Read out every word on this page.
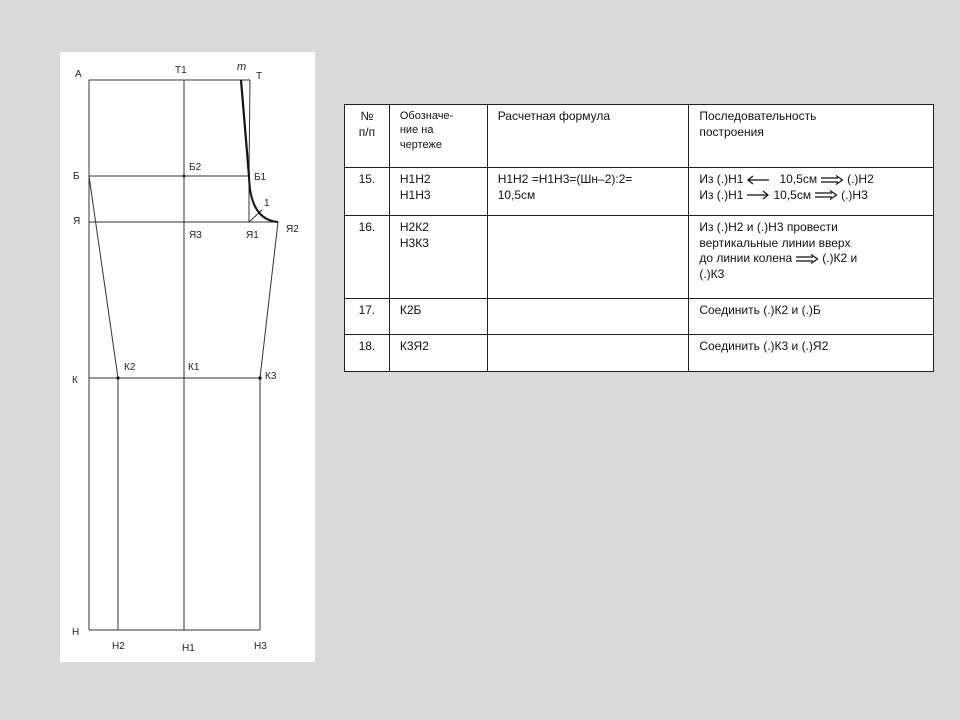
А	Т1	т
Т
Б
Б2
Б1
1
Я
Я3	Я1
Я2
К
К2	К1
К3
Н
Н2	Н1	Н3
№
п/п	Обозначе-
ние на
чертеже	Расчетная формула	Последовательность
построения

15.	Н1Н2
Н1Н3	Н1Н2 =Н1Н3=(Шн–2):2=
10,5см	Из (.)Н1 10,5см (.)Н2
Из (.)Н1 10,5см (.)Н3

16.	Н2К2
Н3К3		Из (.)Н2 и (.)Н3 провести
вертикальные линии вверх
до линии колена (.)К2 и
(.)К3

17.	К2Б		Соединить (.)К2 и (.)Б

18.	К3Я2		Соединить (.)К3 и (.)Я2
